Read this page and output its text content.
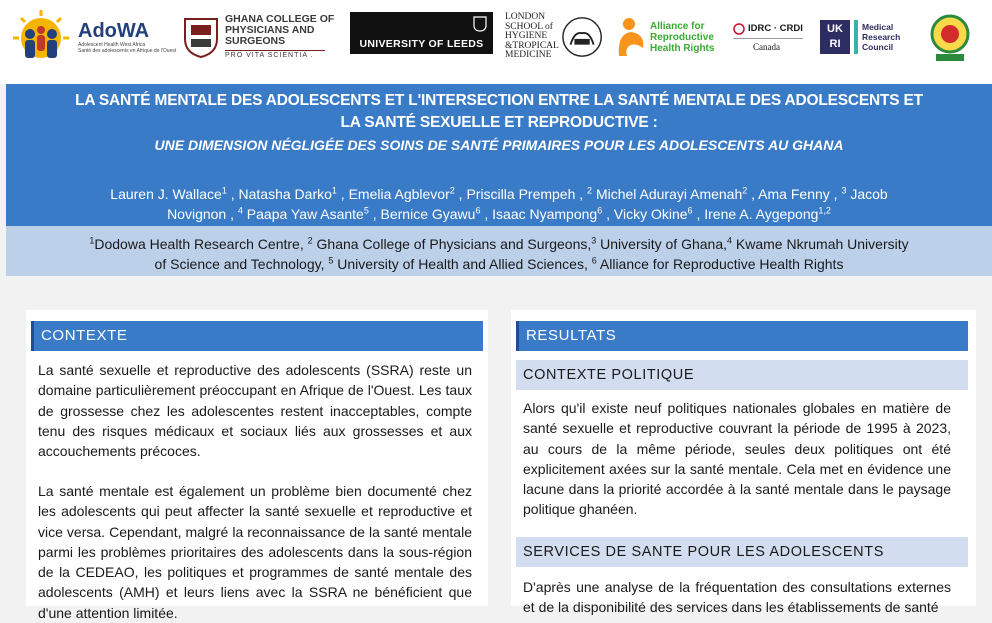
AdoWA
Adolescent Health West Africa
Santé des adolescents en Afrique de l'Ouest
GHANA COLLEGE OF
PHYSICIANS AND
SURGEONS
PRO VITA SCIENTIA .
UNIVERSITY OF LEEDS
LONDON
SCHOOL of
HYGIENE
&TROPICAL
MEDICINE
Alliance for
Reproductive
Health Rights
IDRC · CRDI
Canada
UK
RI
Medical
Research
Council
LA SANTÉ MENTALE DES ADOLESCENTS ET L'INTERSECTION ENTRE LA SANTÉ MENTALE DES ADOLESCENTS ET
LA SANTÉ SEXUELLE ET REPRODUCTIVE :
UNE DIMENSION NÉGLIGÉE DES SOINS DE SANTÉ PRIMAIRES POUR LES ADOLESCENTS AU GHANA
Lauren J. Wallace$^1$ , Natasha Darko$^1$ , Emelia Agblevor$^2$ , Priscilla Prempeh , $^2$ Michel Adurayi Amenah$^2$ , Ama Fenny , $^3$ Jacob
Novignon , $^4$ Paapa Yaw Asante$^5$ , Bernice Gyawu$^6$ , Isaac Nyampong$^6$ , Vicky Okine$^6$ , Irene A. Aygepong$^{1,2}$
$^1$Dodowa Health Research Centre, $^2$ Ghana College of Physicians and Surgeons,$^3$ University of Ghana,$^4$ Kwame Nkrumah University
of Science and Technology, $^5$ University of Health and Allied Sciences, $^6$ Alliance for Reproductive Health Rights
CONTEXTE
La santé sexuelle et reproductive des adolescents (SSRA) reste un domaine particulièrement préoccupant en Afrique de l'Ouest. Les taux de grossesse chez les adolescentes restent inacceptables, compte tenu des risques médicaux et sociaux liés aux grossesses et aux accouchements précoces.
La santé mentale est également un problème bien documenté chez les adolescents qui peut affecter la santé sexuelle et reproductive et vice versa. Cependant, malgré la reconnaissance de la santé mentale parmi les problèmes prioritaires des adolescents dans la sous-région de la CEDEAO, les politiques et programmes de santé mentale des adolescents (AMH) et leurs liens avec la SSRA ne bénéficient que d'une attention limitée.
RESULTATS
CONTEXTE POLITIQUE
Alors qu'il existe neuf politiques nationales globales en matière de santé sexuelle et reproductive couvrant la période de 1995 à 2023, au cours de la même période, seules deux politiques ont été explicitement axées sur la santé mentale. Cela met en évidence une lacune dans la priorité accordée à la santé mentale dans le paysage politique ghanéen.
SERVICES DE SANTE POUR LES ADOLESCENTS
D'après une analyse de la fréquentation des consultations externes et de la disponibilité des services dans les établissements de santé
